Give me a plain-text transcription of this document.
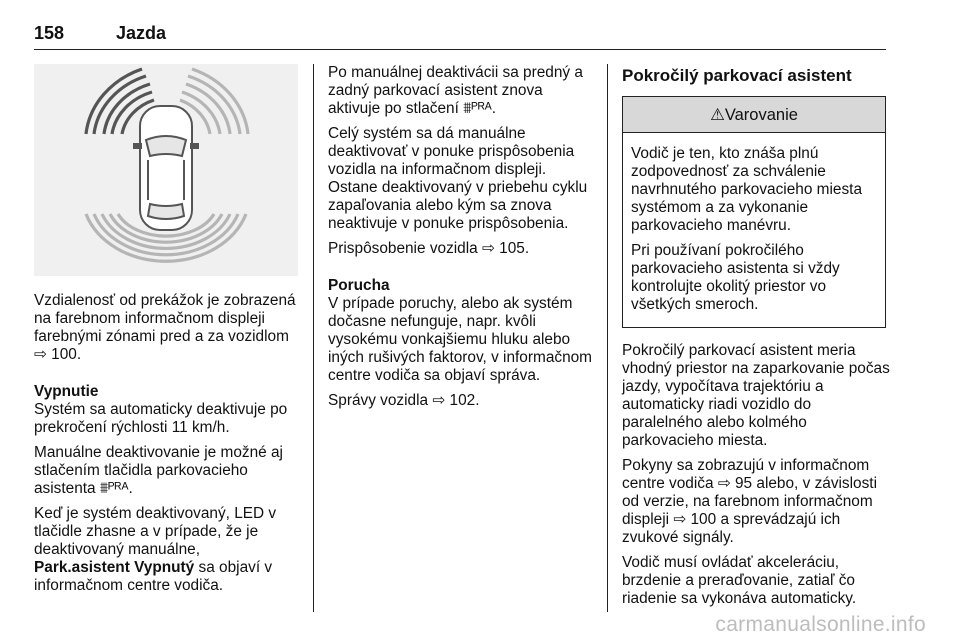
158	Jazda

Vzdialenosť od prekážok je zobrazená na farebnom informačnom displeji farebnými zónami pred a za vozidlom ⇨ 100.

Vypnutie

Systém sa automaticky deaktivuje po prekročení rýchlosti 11 km/h.

Manuálne deaktivovanie je možné aj stlačením tlačidla parkovacieho asistenta ⩩ᴾᴿᴬ.

Keď je systém deaktivovaný, LED v tlačidle zhasne a v prípade, že je deaktivovaný manuálne,
Park.asistent Vypnutý sa objaví v informačnom centre vodiča.

Po manuálnej deaktivácii sa predný a zadný parkovací asistent znova aktivuje po stlačení ⩩ᴾᴿᴬ.

Celý systém sa dá manuálne deaktivovať v ponuke prispôsobenia vozidla na informačnom displeji. Ostane deaktivovaný v priebehu cyklu zapaľovania alebo kým sa znova neaktivuje v ponuke prispôsobenia.

Prispôsobenie vozidla ⇨ 105.

Porucha

V prípade poruchy, alebo ak systém dočasne nefunguje, napr. kvôli vysokému vonkajšiemu hluku alebo iných rušivých faktorov, v informačnom centre vodiča sa objaví správa.

Správy vozidla ⇨ 102.

Pokročilý parkovací asistent
⚠Varovanie

Vodič je ten, kto znáša plnú zodpovednosť za schválenie navrhnutého parkovacieho miesta systémom a za vykonanie parkovacieho manévru.

Pri používaní pokročilého parkovacieho asistenta si vždy kontrolujte okolitý priestor vo všetkých smeroch.

Pokročilý parkovací asistent meria vhodný priestor na zaparkovanie počas jazdy, vypočítava trajektóriu a automaticky riadi vozidlo do paralelného alebo kolmého parkovacieho miesta.

Pokyny sa zobrazujú v informačnom centre vodiča ⇨ 95 alebo, v závislosti od verzie, na farebnom informačnom displeji ⇨ 100 a sprevádzajú ich zvukové signály.

Vodič musí ovládať akceleráciu, brzdenie a preraďovanie, zatiaľ čo riadenie sa vykonáva automaticky.

carmanualsonline.info
